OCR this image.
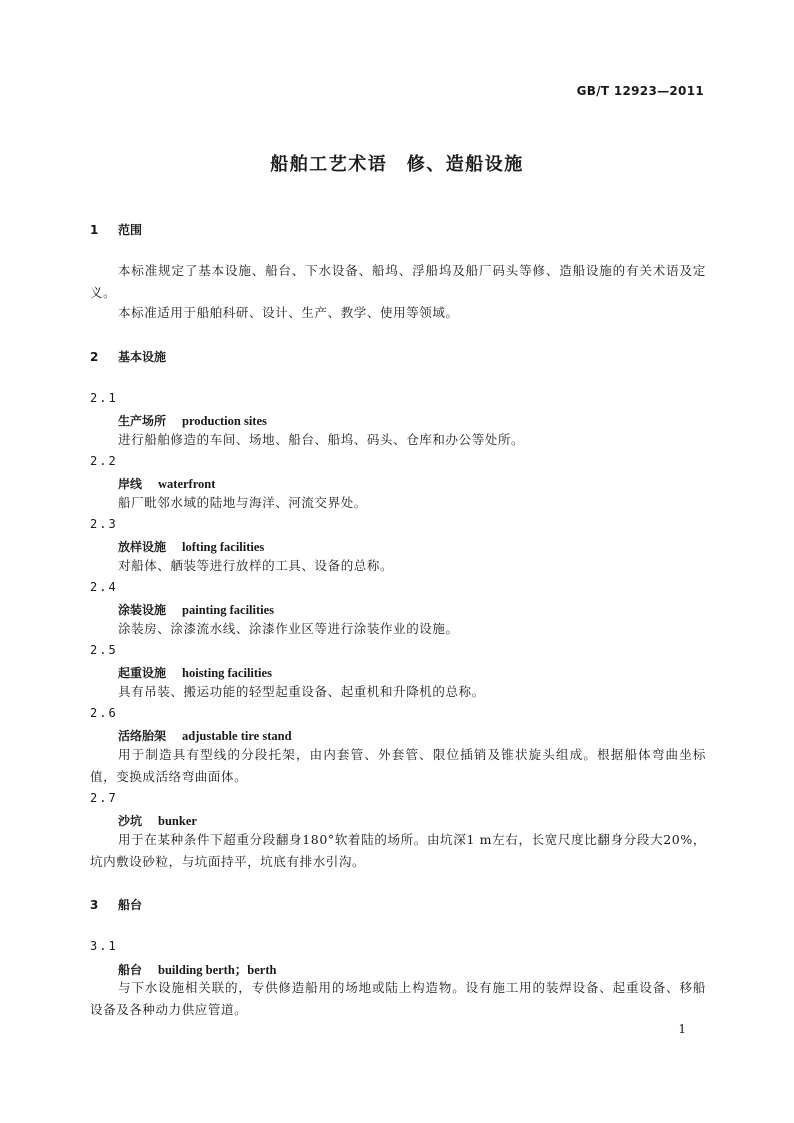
GB/T 12923—2011
船舶工艺术语　修、造船设施
1 范围

本标准规定了基本设施、船台、下水设备、船坞、浮船坞及船厂码头等修、造船设施的有关术语及定义。

本标准适用于船舶科研、设计、生产、教学、使用等领域。

2 基本设施
2.1
生产场所 production sites

进行船舶修造的车间、场地、船台、船坞、码头、仓库和办公等处所。

2.2
岸线 waterfront

船厂毗邻水域的陆地与海洋、河流交界处。

2.3
放样设施 lofting facilities

对船体、舾装等进行放样的工具、设备的总称。

2.4
涂装设施 painting facilities

涂装房、涂漆流水线、涂漆作业区等进行涂装作业的设施。

2.5
起重设施 hoisting facilities

具有吊装、搬运功能的轻型起重设备、起重机和升降机的总称。

2.6
活络胎架 adjustable tire stand

用于制造具有型线的分段托架，由内套管、外套管、限位插销及锥状旋头组成。根据船体弯曲坐标值，变换成活络弯曲面体。

2.7
沙坑 bunker

用于在某种条件下超重分段翻身180°软着陆的场所。由坑深1 m左右，长宽尺度比翻身分段大20%，坑内敷设砂粒，与坑面持平，坑底有排水引沟。

3 船台
3.1
船台 building berth；berth

与下水设施相关联的，专供修造船用的场地或陆上构造物。设有施工用的装焊设备、起重设备、移船设备及各种动力供应管道。

1
